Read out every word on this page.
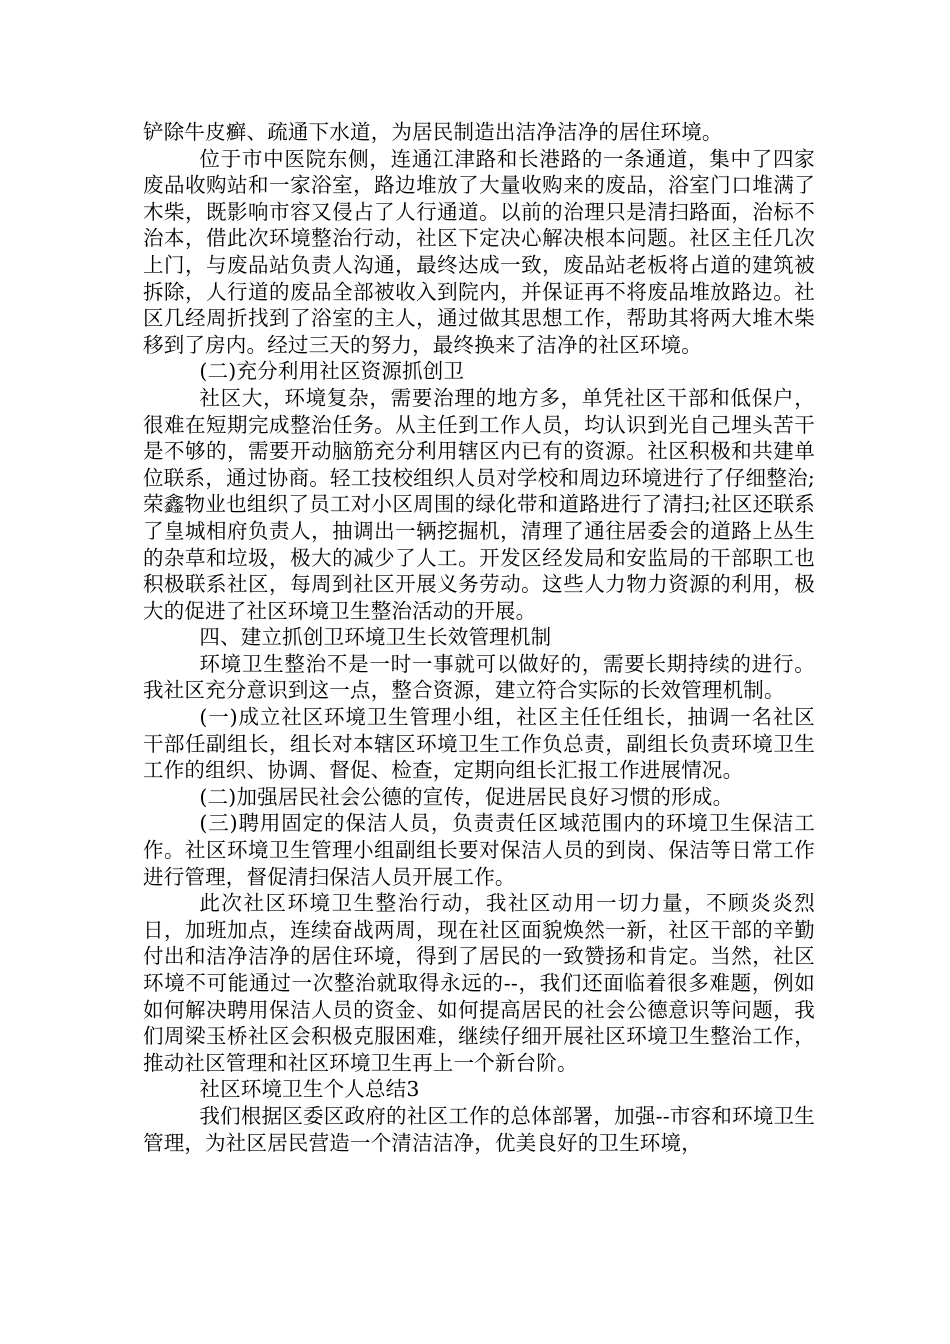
铲除牛皮癣、疏通下水道，为居民制造出洁净洁净的居住环境。

位于市中医院东侧，连通江津路和长港路的一条通道，集中了四家废品收购站和一家浴室，路边堆放了大量收购来的废品，浴室门口堆满了木柴，既影响市容又侵占了人行通道。以前的治理只是清扫路面，治标不治本，借此次环境整治行动，社区下定决心解决根本问题。社区主任几次上门，与废品站负责人沟通，最终达成一致，废品站老板将占道的建筑被拆除，人行道的废品全部被收入到院内，并保证再不将废品堆放路边。社区几经周折找到了浴室的主人，通过做其思想工作，帮助其将两大堆木柴移到了房内。经过三天的努力，最终换来了洁净的社区环境。

(二)充分利用社区资源抓创卫

社区大，环境复杂，需要治理的地方多，单凭社区干部和低保户，很难在短期完成整治任务。从主任到工作人员，均认识到光自己埋头苦干是不够的，需要开动脑筋充分利用辖区内已有的资源。社区积极和共建单位联系，通过协商。轻工技校组织人员对学校和周边环境进行了仔细整治;荣鑫物业也组织了员工对小区周围的绿化带和道路进行了清扫;社区还联系了皇城相府负责人，抽调出一辆挖掘机，清理了通往居委会的道路上丛生的杂草和垃圾，极大的减少了人工。开发区经发局和安监局的干部职工也积极联系社区，每周到社区开展义务劳动。这些人力物力资源的利用，极大的促进了社区环境卫生整治活动的开展。

四、建立抓创卫环境卫生长效管理机制

环境卫生整治不是一时一事就可以做好的，需要长期持续的进行。我社区充分意识到这一点，整合资源，建立符合实际的长效管理机制。

(一)成立社区环境卫生管理小组，社区主任任组长，抽调一名社区干部任副组长，组长对本辖区环境卫生工作负总责，副组长负责环境卫生工作的组织、协调、督促、检查，定期向组长汇报工作进展情况。

(二)加强居民社会公德的宣传，促进居民良好习惯的形成。

(三)聘用固定的保洁人员，负责责任区域范围内的环境卫生保洁工作。社区环境卫生管理小组副组长要对保洁人员的到岗、保洁等日常工作进行管理，督促清扫保洁人员开展工作。

此次社区环境卫生整治行动，我社区动用一切力量，不顾炎炎烈日，加班加点，连续奋战两周，现在社区面貌焕然一新，社区干部的辛勤付出和洁净洁净的居住环境，得到了居民的一致赞扬和肯定。当然，社区环境不可能通过一次整治就取得永远的--，我们还面临着很多难题，例如如何解决聘用保洁人员的资金、如何提高居民的社会公德意识等问题，我们周梁玉桥社区会积极克服困难，继续仔细开展社区环境卫生整治工作，推动社区管理和社区环境卫生再上一个新台阶。

社区环境卫生个人总结3

我们根据区委区政府的社区工作的总体部署，加强--市容和环境卫生管理，为社区居民营造一个清洁洁净，优美良好的卫生环境，
